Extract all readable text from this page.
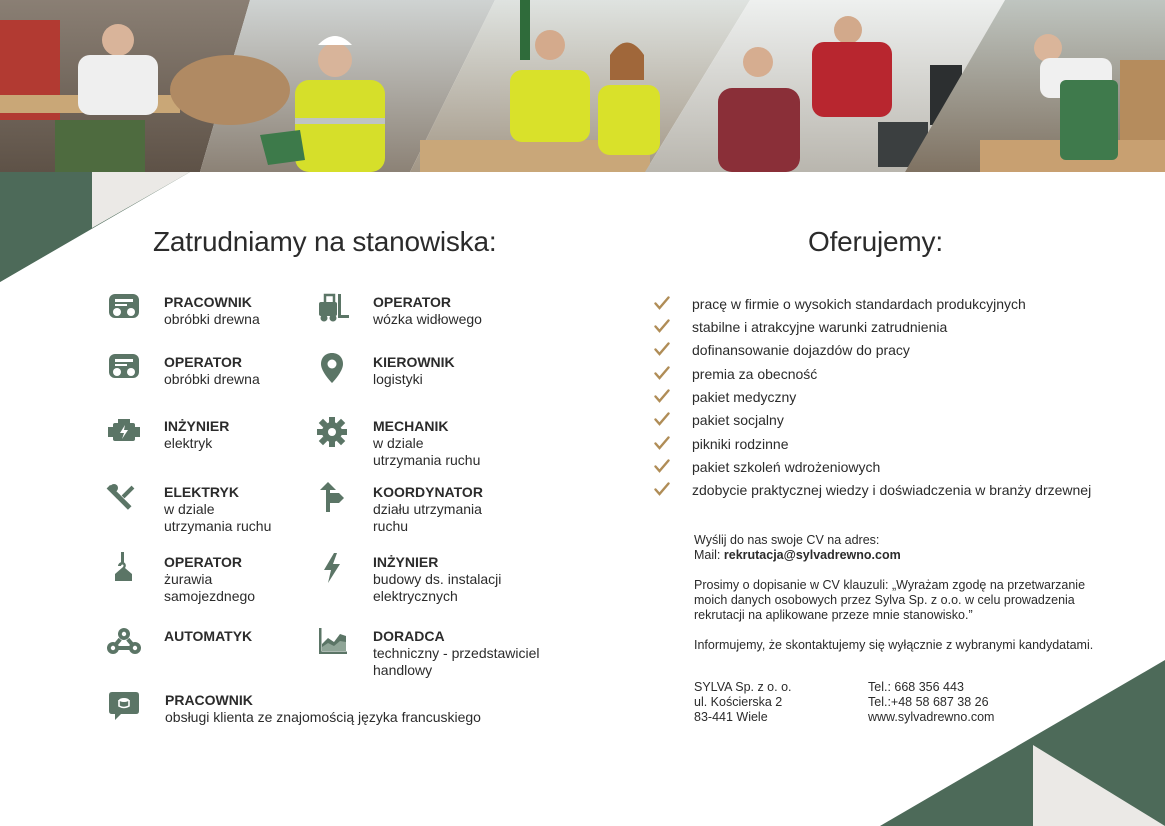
Zatrudniamy na stanowiska:	Oferujemy:
PRACOWNIK
obróbki drewna
OPERATOR
wózka widłowego
OPERATOR
obróbki drewna
KIEROWNIK
logistyki
INŻYNIER
elektryk
MECHANIK
w dziale
utrzymania ruchu
ELEKTRYK
w dziale
utrzymania ruchu
KOORDYNATOR
działu utrzymania
ruchu
OPERATOR
żurawia
samojezdnego
INŻYNIER
budowy ds. instalacji
elektrycznych
AUTOMATYK	DORADCA
techniczny - przedstawiciel
handlowy
PRACOWNIK
obsługi klienta ze znajomością języka francuskiego
pracę w firmie o wysokich standardach produkcyjnych
stabilne i atrakcyjne warunki zatrudnienia
dofinansowanie dojazdów do pracy
premia za obecność
pakiet medyczny
pakiet socjalny
pikniki rodzinne
pakiet szkoleń wdrożeniowych
zdobycie praktycznej wiedzy i doświadczenia w branży drzewnej
Wyślij do nas swoje CV na adres:
Mail: rekrutacja@sylvadrewno.com
Prosimy o dopisanie w CV klauzuli: „Wyrażam zgodę na przetwarzanie
moich danych osobowych przez Sylva Sp. z o.o. w celu prowadzenia
rekrutacji na aplikowane przeze mnie stanowisko.”
Informujemy, że skontaktujemy się wyłącznie z wybranymi kandydatami.
SYLVA Sp. z o. o.
ul. Kościerska 2
83-441 Wiele
Tel.: 668 356 443
Tel.:+48 58 687 38 26
www.sylvadrewno.com
